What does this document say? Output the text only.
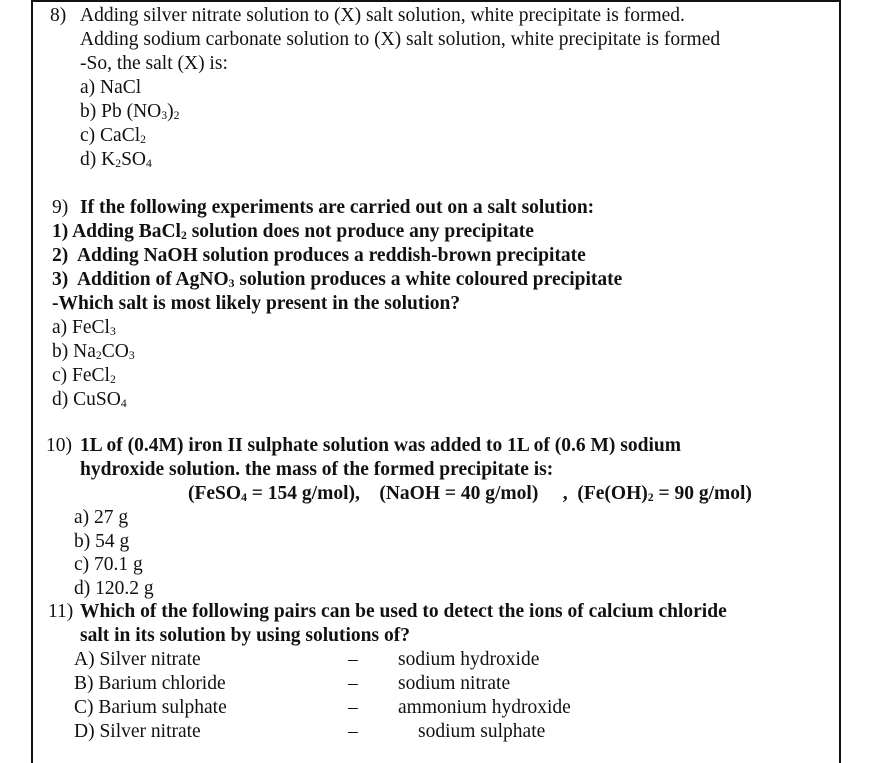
8) Adding silver nitrate solution to (X) salt solution, white precipitate is formed.
Adding sodium carbonate solution to (X) salt solution, white precipitate is formed
-So, the salt (X) is:
a) NaCl
b) Pb $(NO_3)_2$
c) CaCl$_2$
d) $K_2SO_4$
9) If the following experiments are carried out on a salt solution:
1) Adding BaCl$_2$ solution does not produce any precipitate
2) Adding NaOH solution produces a reddish-brown precipitate
3) Addition of AgNO$_3$ solution produces a white coloured precipitate
-Which salt is most likely present in the solution?
a) FeCl$_3$
b) $Na_2CO_3$
c) FeCl$_2$
d) CuSO$_4$
10) 1L of (0.4M) iron II sulphate solution was added to 1L of (0.6 M) sodium
hydroxide solution. the mass of the formed precipitate is:
(FeSO$_4$ = 154 g/mol), (NaOH = 40 g/mol) , ($Fe(OH)_2 = 90$ g/mol)
a) 27 g
b) 54 g
c) 70.1 g
d) 120.2 g
11) Which of the following pairs can be used to detect the ions of calcium chloride
salt in its solution by using solutions of?
A) Silver nitrate	– sodium hydroxide
B) Barium chloride	– sodium nitrate
C) Barium sulphate	– ammonium hydroxide
D) Silver nitrate	–	sodium sulphate
